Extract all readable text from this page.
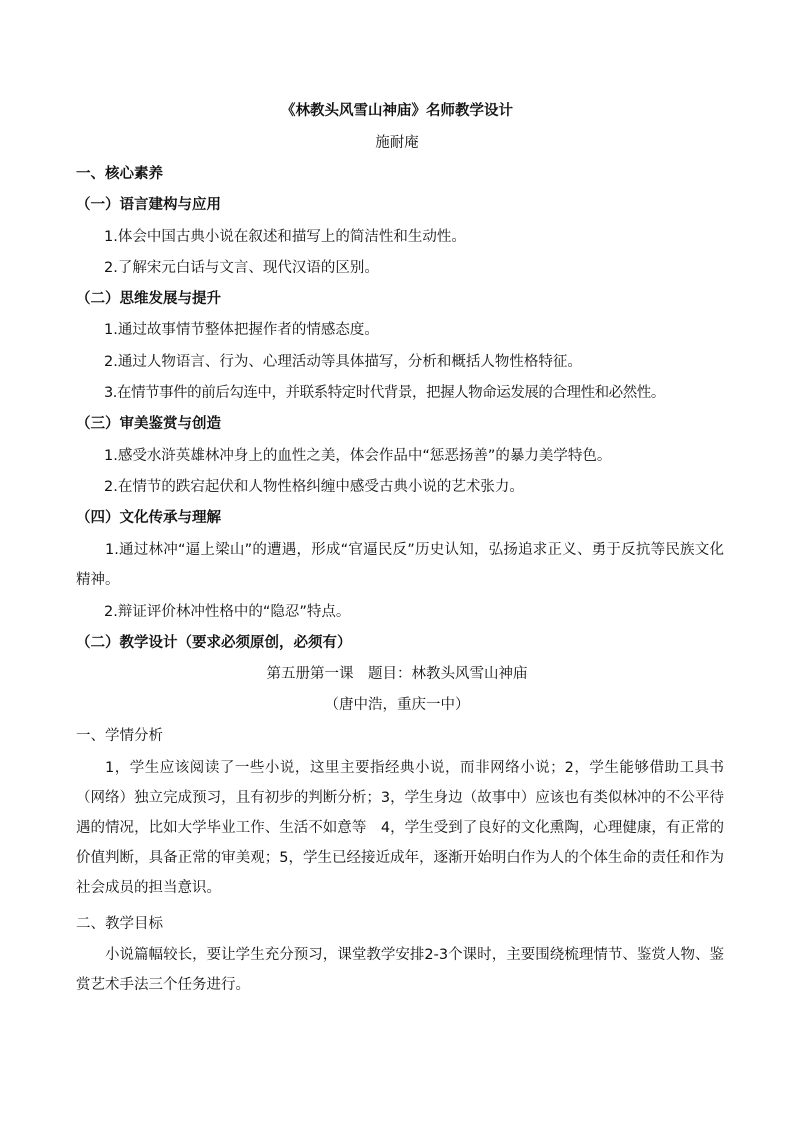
《林教头风雪山神庙》名师教学设计

施耐庵

一、核心素养

（一）语言建构与应用

1.体会中国古典小说在叙述和描写上的简洁性和生动性。

2.了解宋元白话与文言、现代汉语的区别。

（二）思维发展与提升

1.通过故事情节整体把握作者的情感态度。

2.通过人物语言、行为、心理活动等具体描写，分析和概括人物性格特征。

3.在情节事件的前后勾连中，并联系特定时代背景，把握人物命运发展的合理性和必然性。

（三）审美鉴赏与创造

1.感受水浒英雄林冲身上的血性之美，体会作品中“惩恶扬善”的暴力美学特色。

2.在情节的跌宕起伏和人物性格纠缠中感受古典小说的艺术张力。

（四）文化传承与理解

1.通过林冲“逼上梁山”的遭遇，形成“官逼民反”历史认知，弘扬追求正义、勇于反抗等民族文化精神。

2.辩证评价林冲性格中的“隐忍”特点。

（二）教学设计（要求必须原创，必须有）

第五册第一课　题目：林教头风雪山神庙

（唐中浩，重庆一中）

一、学情分析

1，学生应该阅读了一些小说，这里主要指经典小说，而非网络小说；2，学生能够借助工具书（网络）独立完成预习，且有初步的判断分析；3，学生身边（故事中）应该也有类似林冲的不公平待遇的情况，比如大学毕业工作、生活不如意等　4，学生受到了良好的文化熏陶，心理健康，有正常的价值判断，具备正常的审美观；5，学生已经接近成年，逐渐开始明白作为人的个体生命的责任和作为社会成员的担当意识。

二、教学目标

小说篇幅较长，要让学生充分预习，课堂教学安排2-3个课时，主要围绕梳理情节、鉴赏人物、鉴赏艺术手法三个任务进行。
